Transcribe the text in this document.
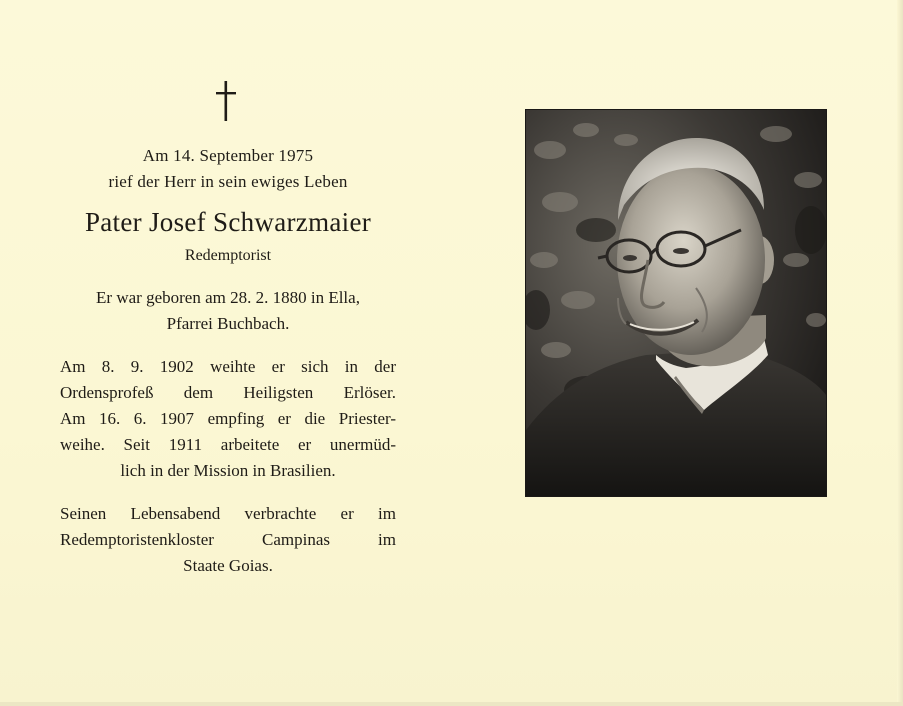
Am 14. September 1975
rief der Herr in sein ewiges Leben
Pater Josef Schwarzmaier
Redemptorist
Er war geboren am 28. 2. 1880 in Ella,
Pfarrei Buchbach.

Am 8. 9. 1902 weihte er sich in der

Ordensprofeß dem Heiligsten Erlöser.

Am 16. 6. 1907 empfing er die Priester-

weihe. Seit 1911 arbeitete er unermüd-

lich in der Mission in Brasilien.

Seinen Lebensabend verbrachte er im

Redemptoristenkloster Campinas im

Staate Goias.
